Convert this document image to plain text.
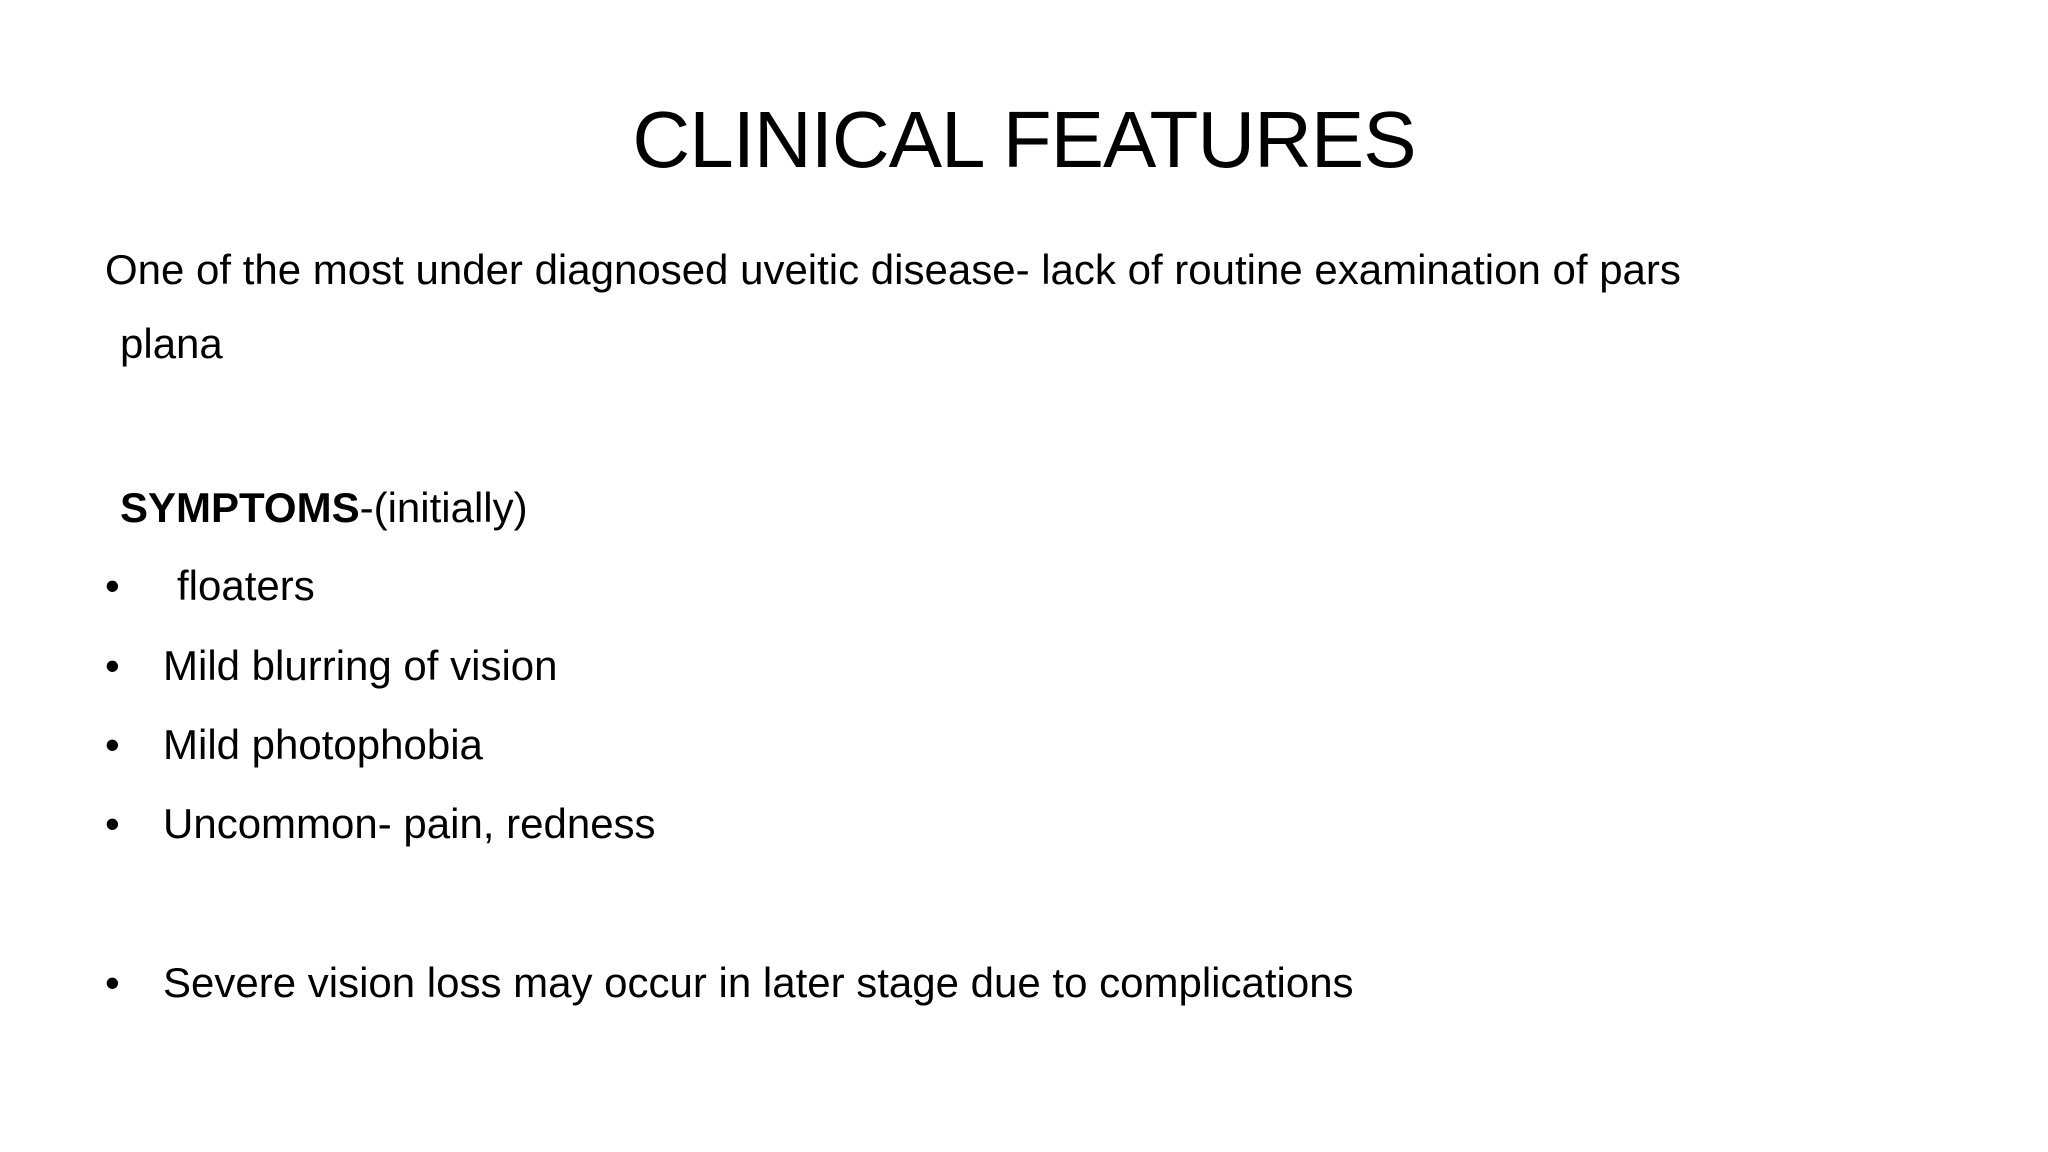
CLINICAL FEATURES
One of the most under diagnosed uveitic disease- lack of routine examination of pars
plana
SYMPTOMS-(initially)
•	floaters
•	Mild blurring of vision
•	Mild photophobia
•	Uncommon- pain, redness
•	Severe vision loss may occur in later stage due to complications
